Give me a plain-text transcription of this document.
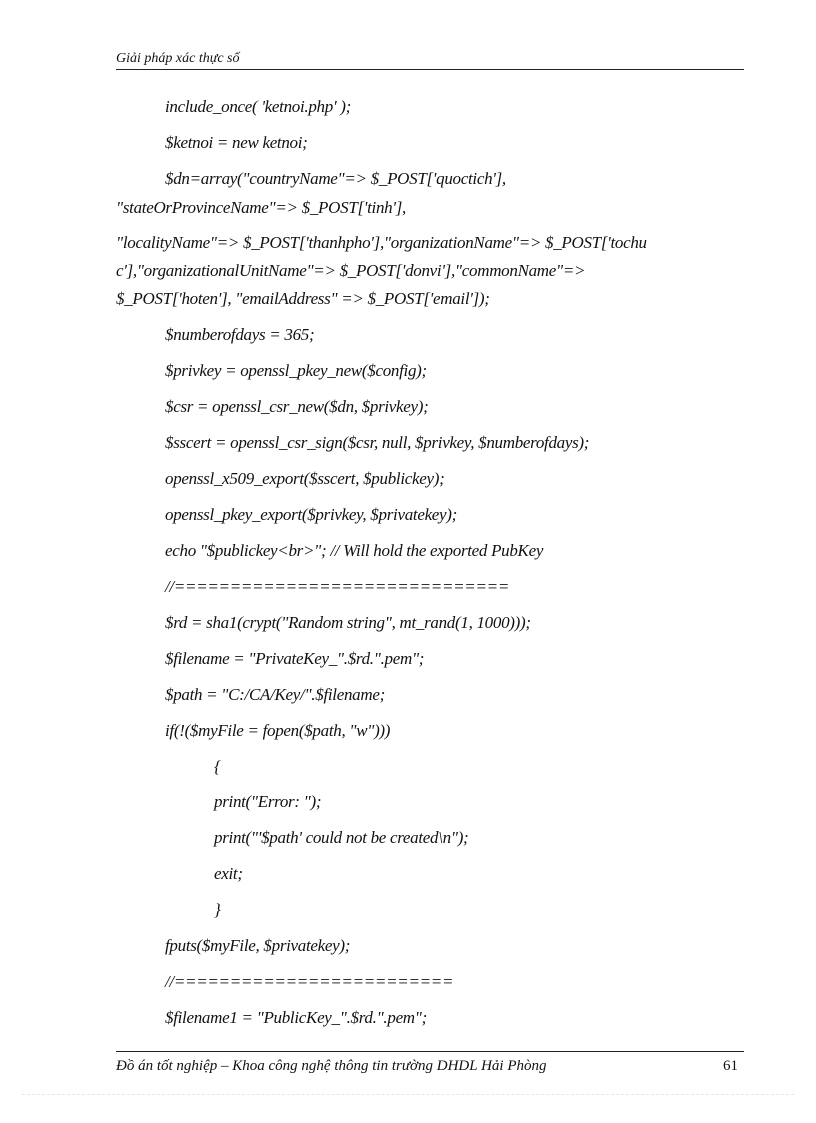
Giải pháp xác thực số
include_once( 'ketnoi.php' );
$ketnoi = new ketnoi;
$dn=array("countryName"=> $_POST['quoctich'],
"stateOrProvinceName"=> $_POST['tinh'],
"localityName"=> $_POST['thanhpho'],"organizationName"=> $_POST['tochu
c'],"organizationalUnitName"=> $_POST['donvi'],"commonName"=>
$_POST['hoten'], "emailAddress" => $_POST['email']);
$numberofdays = 365;
$privkey = openssl_pkey_new($config);
$csr = openssl_csr_new($dn, $privkey);
$sscert = openssl_csr_sign($csr, null, $privkey, $numberofdays);
openssl_x509_export($sscert, $publickey);
openssl_pkey_export($privkey, $privatekey);
echo "$publickey<br>"; // Will hold the exported PubKey
//==============================
$rd = sha1(crypt("Random string", mt_rand(1, 1000)));
$filename = "PrivateKey_".$rd.".pem";
$path = "C:/CA/Key/".$filename;
if(!($myFile = fopen($path, "w")))
{
print("Error: ");
print("'$path' could not be created\n");
exit;
}
fputs($myFile, $privatekey);
//=========================
$filename1 = "PublicKey_".$rd.".pem";
Đồ án tốt nghiệp – Khoa công nghệ thông tin trường DHDL Hải Phòng	61
